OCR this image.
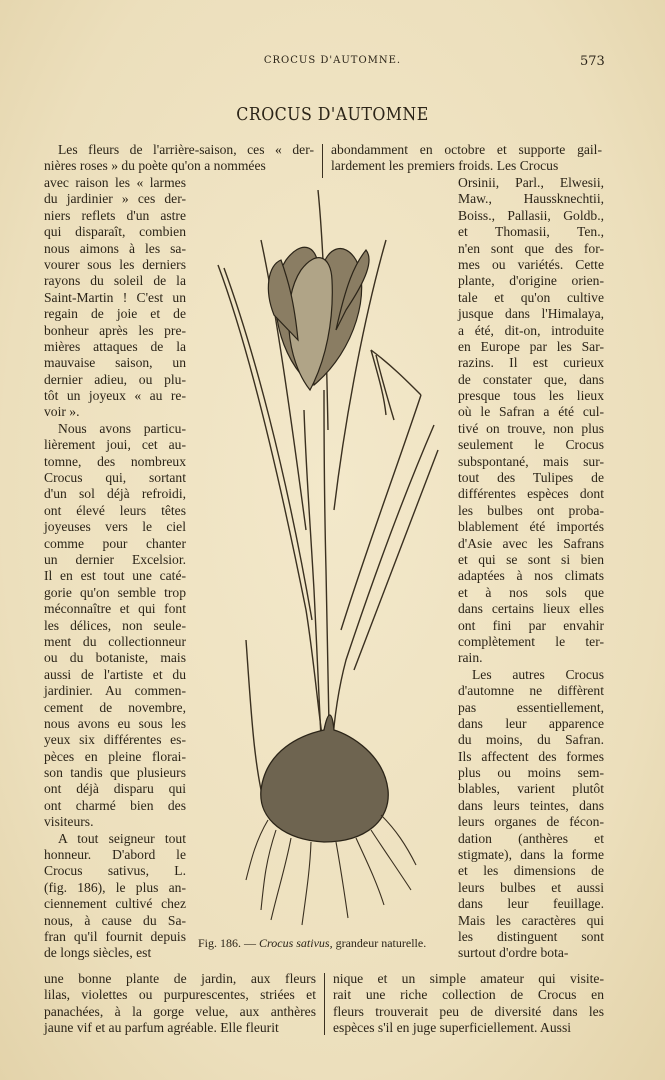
CROCUS D'AUTOMNE.	573
CROCUS D'AUTOMNE
Les fleurs de l'arrière-saison, ces « der-
nières roses » du poète qu'on a nommées
avec raison les « larmes
du jardinier » ces der-
niers reflets d'un astre
qui disparaît, combien
nous aimons à les sa-
vourer sous les derniers
rayons du soleil de la
Saint-Martin ! C'est un
regain de joie et de
bonheur après les pre-
mières attaques de la
mauvaise saison, un
dernier adieu, ou plu-
tôt un joyeux « au re-
voir ».
Nous avons particu-
lièrement joui, cet au-
tomne, des nombreux
Crocus qui, sortant
d'un sol déjà refroidi,
ont élevé leurs têtes
joyeuses vers le ciel
comme pour chanter
un dernier Excelsior.
Il en est tout une caté-
gorie qu'on semble trop
méconnaître et qui font
les délices, non seule-
ment du collectionneur
ou du botaniste, mais
aussi de l'artiste et du
jardinier. Au commen-
cement de novembre,
nous avons eu sous les
yeux six différentes es-
pèces en pleine florai-
son tandis que plusieurs
ont déjà disparu qui
ont charmé bien des
visiteurs.
A tout seigneur tout
honneur. D'abord le
Crocus sativus, L.
(fig. 186), le plus an-
ciennement cultivé chez
nous, à cause du Sa-
fran qu'il fournit depuis
de longs siècles, est
abondamment en octobre et supporte gail-
lardement les premiers froids. Les Crocus
Orsinii, Parl., Elwesii,
Maw., Haussknechtii,
Boiss., Pallasii, Goldb.,
et Thomasii, Ten.,
n'en sont que des for-
mes ou variétés. Cette
plante, d'origine orien-
tale et qu'on cultive
jusque dans l'Himalaya,
a été, dit-on, introduite
en Europe par les Sar-
razins. Il est curieux
de constater que, dans
presque tous les lieux
où le Safran a été cul-
tivé on trouve, non plus
seulement le Crocus
subspontané, mais sur-
tout des Tulipes de
différentes espèces dont
les bulbes ont proba-
blablement été importés
d'Asie avec les Safrans
et qui se sont si bien
adaptées à nos climats
et à nos sols que
dans certains lieux elles
ont fini par envahir
complètement le ter-
rain.
Les autres Crocus
d'automne ne diffèrent
pas essentiellement,
dans leur apparence
du moins, du Safran.
Ils affectent des formes
plus ou moins sem-
blables, varient plutôt
dans leurs teintes, dans
leurs organes de fécon-
dation (anthères et
stigmate), dans la forme
et les dimensions de
leurs bulbes et aussi
dans leur feuillage.
Mais les caractères qui
les distinguent sont
surtout d'ordre bota-
une bonne plante de jardin, aux fleurs
lilas, violettes ou purpurescentes, striées et
panachées, à la gorge velue, aux anthères
jaune vif et au parfum agréable. Elle fleurit
nique et un simple amateur qui visite-
rait une riche collection de Crocus en
fleurs trouverait peu de diversité dans les
espèces s'il en juge superficiellement. Aussi
Fig. 186. — Crocus sativus, grandeur naturelle.
